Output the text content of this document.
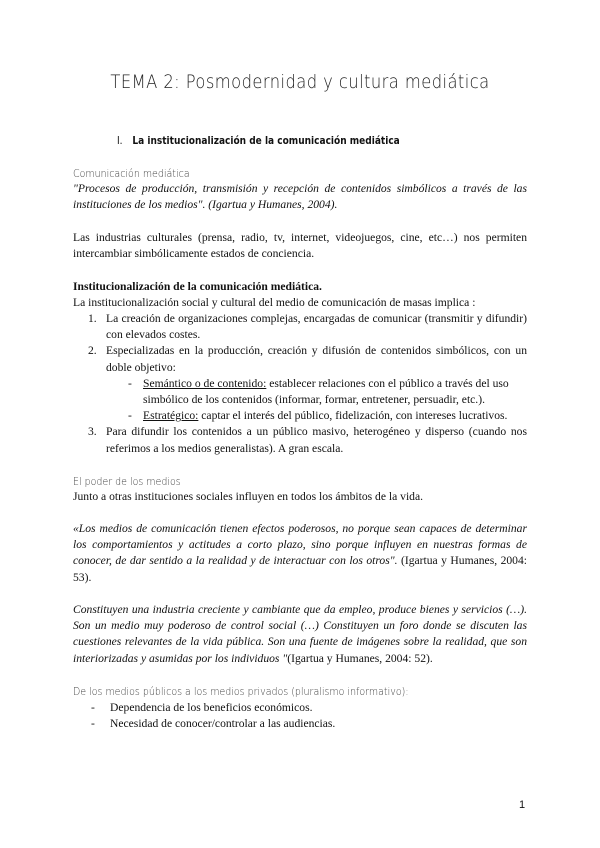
TEMA 2: Posmodernidad y cultura mediática
I. La institucionalización de la comunicación mediática
Comunicación mediática
"Procesos de producción, transmisión y recepción de contenidos simbólicos a través de las instituciones de los medios". (Igartua y Humanes, 2004).
Las industrias culturales (prensa, radio, tv, internet, videojuegos, cine, etc…) nos permiten intercambiar simbólicamente estados de conciencia.
Institucionalización de la comunicación mediática.
La institucionalización social y cultural del medio de comunicación de masas implica :
1. La creación de organizaciones complejas, encargadas de comunicar (transmitir y difundir) con elevados costes.
2. Especializadas en la producción, creación y difusión de contenidos simbólicos, con un doble objetivo:
- Semántico o de contenido: establecer relaciones con el público a través del uso simbólico de los contenidos (informar, formar, entretener, persuadir, etc.).
- Estratégico: captar el interés del público, fidelización, con intereses lucrativos.
3. Para difundir los contenidos a un público masivo, heterogéneo y disperso (cuando nos referimos a los medios generalistas). A gran escala.
El poder de los medios
Junto a otras instituciones sociales influyen en todos los ámbitos de la vida.
«Los medios de comunicación tienen efectos poderosos, no porque sean capaces de determinar los comportamientos y actitudes a corto plazo, sino porque influyen en nuestras formas de conocer, de dar sentido a la realidad y de interactuar con los otros". (Igartua y Humanes, 2004: 53).
Constituyen una industria creciente y cambiante que da empleo, produce bienes y servicios (…). Son un medio muy poderoso de control social (…) Constituyen un foro donde se discuten las cuestiones relevantes de la vida pública. Son una fuente de imágenes sobre la realidad, que son interiorizadas y asumidas por los individuos "(Igartua y Humanes, 2004: 52).
De los medios públicos a los medios privados (pluralismo informativo):
- Dependencia de los beneficios económicos.
- Necesidad de conocer/controlar a las audiencias.
1
